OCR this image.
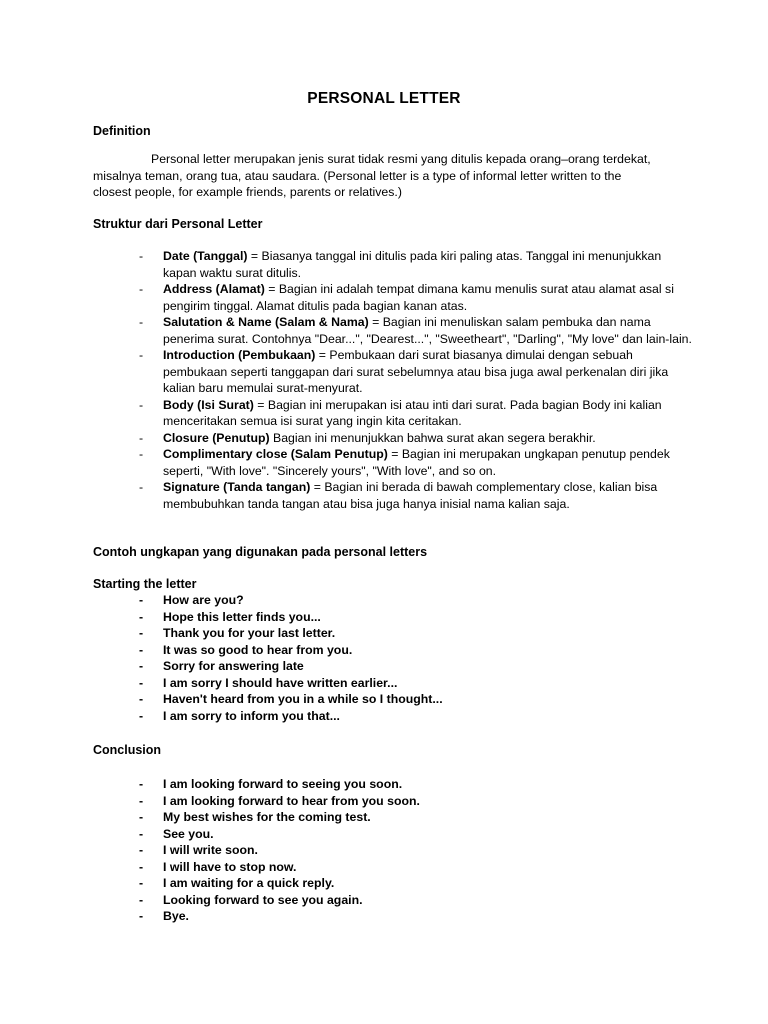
PERSONAL LETTER
Definition
Personal letter merupakan jenis surat tidak resmi yang ditulis kepada orang–orang terdekat, misalnya teman, orang tua, atau saudara. (Personal letter is a type of informal letter written to the closest people, for example friends, parents or relatives.)
Struktur dari Personal Letter
- Date (Tanggal) = Biasanya tanggal ini ditulis pada kiri paling atas. Tanggal ini menunjukkan kapan waktu surat ditulis.
- Address (Alamat) = Bagian ini adalah tempat dimana kamu menulis surat atau alamat asal si pengirim tinggal. Alamat ditulis pada bagian kanan atas.
- Salutation & Name (Salam & Nama) = Bagian ini menuliskan salam pembuka dan nama penerima surat. Contohnya "Dear...", "Dearest...", "Sweetheart", "Darling", "My love" dan lain-lain.
- Introduction (Pembukaan) = Pembukaan dari surat biasanya dimulai dengan sebuah pembukaan seperti tanggapan dari surat sebelumnya atau bisa juga awal perkenalan diri jika kalian baru memulai surat-menyurat.
- Body (Isi Surat) = Bagian ini merupakan isi atau inti dari surat. Pada bagian Body ini kalian menceritakan semua isi surat yang ingin kita ceritakan.
- Closure (Penutup) Bagian ini menunjukkan bahwa surat akan segera berakhir.
- Complimentary close (Salam Penutup) = Bagian ini merupakan ungkapan penutup pendek seperti, "With love". "Sincerely yours", "With love", and so on.
- Signature (Tanda tangan) = Bagian ini berada di bawah complementary close, kalian bisa membubuhkan tanda tangan atau bisa juga hanya inisial nama kalian saja.
Contoh ungkapan yang digunakan pada personal letters
Starting the letter
- How are you?
- Hope this letter finds you...
- Thank you for your last letter.
- It was so good to hear from you.
- Sorry for answering late
- I am sorry I should have written earlier...
- Haven't heard from you in a while so I thought...
- I am sorry to inform you that...
Conclusion
- I am looking forward to seeing you soon.
- I am looking forward to hear from you soon.
- My best wishes for the coming test.
- See you.
- I will write soon.
- I will have to stop now.
- I am waiting for a quick reply.
- Looking forward to see you again.
- Bye.
